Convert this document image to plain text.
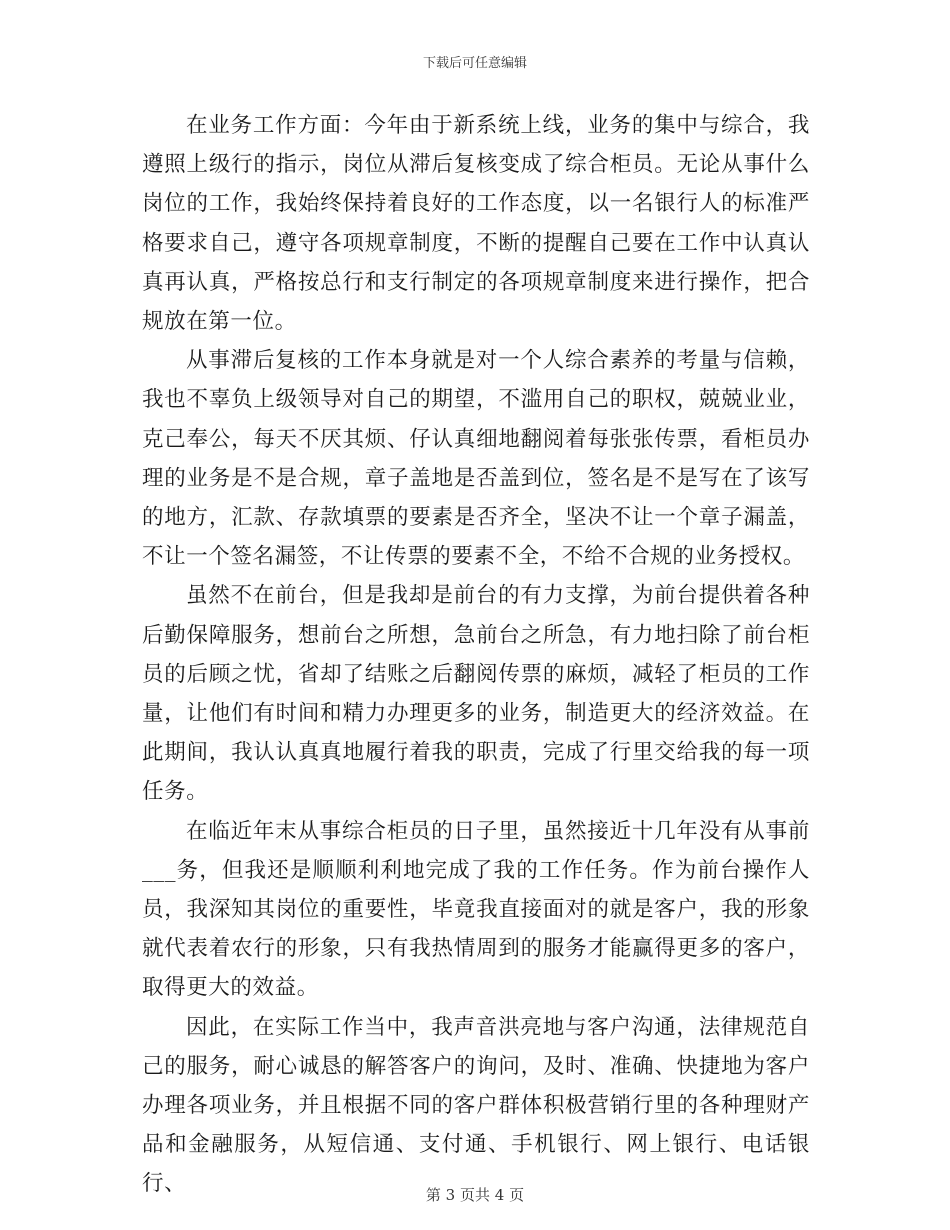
下载后可任意编辑

在业务工作方面：今年由于新系统上线，业务的集中与综合，我遵照上级行的指示，岗位从滞后复核变成了综合柜员。无论从事什么岗位的工作，我始终保持着良好的工作态度，以一名银行人的标准严格要求自己，遵守各项规章制度，不断的提醒自己要在工作中认真认真再认真，严格按总行和支行制定的各项规章制度来进行操作，把合规放在第一位。

从事滞后复核的工作本身就是对一个人综合素养的考量与信赖，我也不辜负上级领导对自己的期望，不滥用自己的职权，兢兢业业，克己奉公，每天不厌其烦、仔认真细地翻阅着每张张传票，看柜员办理的业务是不是合规，章子盖地是否盖到位，签名是不是写在了该写的地方，汇款、存款填票的要素是否齐全，坚决不让一个章子漏盖，不让一个签名漏签，不让传票的要素不全，不给不合规的业务授权。

虽然不在前台，但是我却是前台的有力支撑，为前台提供着各种后勤保障服务，想前台之所想，急前台之所急，有力地扫除了前台柜员的后顾之忧，省却了结账之后翻阅传票的麻烦，减轻了柜员的工作量，让他们有时间和精力办理更多的业务，制造更大的经济效益。在此期间，我认认真真地履行着我的职责，完成了行里交给我的每一项任务。

在临近年末从事综合柜员的日子里，虽然接近十几年没有从事前___务，但我还是顺顺利利地完成了我的工作任务。作为前台操作人员，我深知其岗位的重要性，毕竟我直接面对的就是客户，我的形象就代表着农行的形象，只有我热情周到的服务才能赢得更多的客户，取得更大的效益。

因此，在实际工作当中，我声音洪亮地与客户沟通，法律规范自己的服务，耐心诚恳的解答客户的询问，及时、准确、快捷地为客户办理各项业务，并且根据不同的客户群体积极营销行里的各种理财产品和金融服务，从短信通、支付通、手机银行、网上银行、电话银行、	第 3 页共 4 页
